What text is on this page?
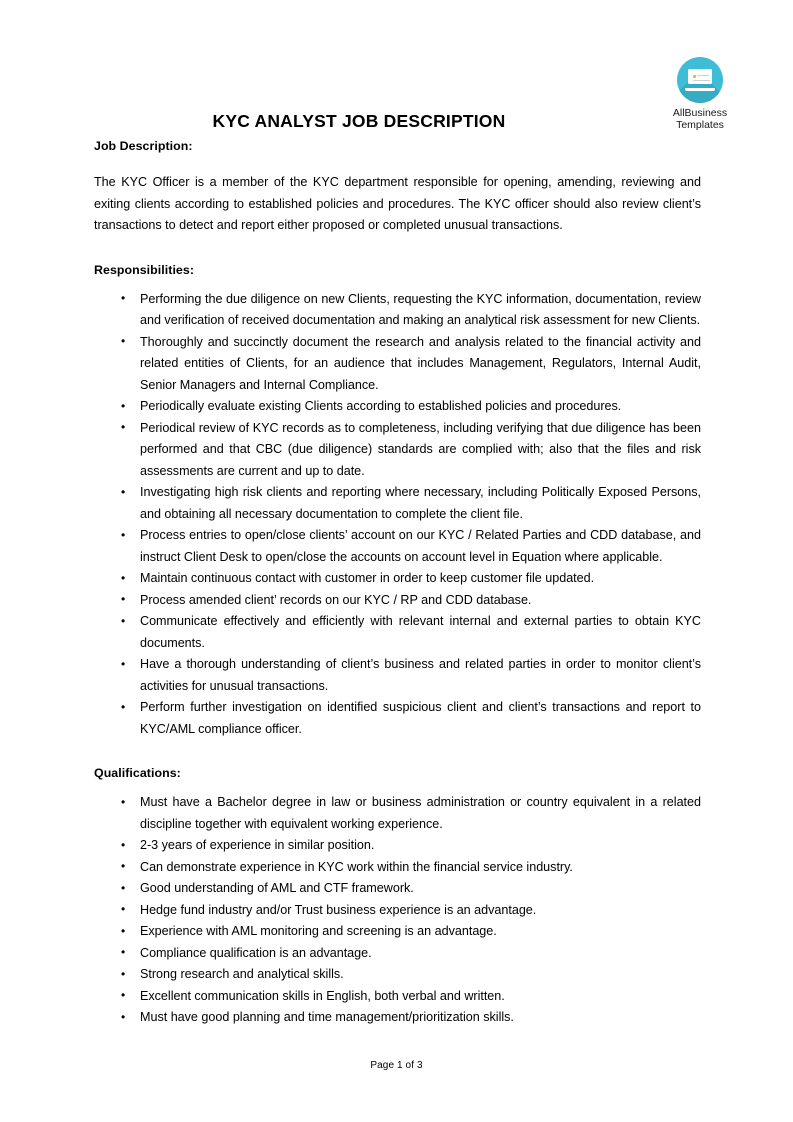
AllBusiness
Templates
KYC ANALYST JOB DESCRIPTION
Job Description:

The KYC Officer is a member of the KYC department responsible for opening, amending, reviewing and exiting clients according to established policies and procedures. The KYC officer should also review client’s transactions to detect and report either proposed or completed unusual transactions.

Responsibilities:
• Performing the due diligence on new Clients, requesting the KYC information, documentation, review and verification of received documentation and making an analytical risk assessment for new Clients.
• Thoroughly and succinctly document the research and analysis related to the financial activity and related entities of Clients, for an audience that includes Management, Regulators, Internal Audit, Senior Managers and Internal Compliance.
• Periodically evaluate existing Clients according to established policies and procedures.
• Periodical review of KYC records as to completeness, including verifying that due diligence has been performed and that CBC (due diligence) standards are complied with; also that the files and risk assessments are current and up to date.
• Investigating high risk clients and reporting where necessary, including Politically Exposed Persons, and obtaining all necessary documentation to complete the client file.
• Process entries to open/close clients’ account on our KYC / Related Parties and CDD database, and instruct Client Desk to open/close the accounts on account level in Equation where applicable.
• Maintain continuous contact with customer in order to keep customer file updated.
• Process amended client’ records on our KYC / RP and CDD database.
• Communicate effectively and efficiently with relevant internal and external parties to obtain KYC documents.
• Have a thorough understanding of client’s business and related parties in order to monitor client’s activities for unusual transactions.
• Perform further investigation on identified suspicious client and client’s transactions and report to KYC/AML compliance officer.
Qualifications:
• Must have a Bachelor degree in law or business administration or country equivalent in a related discipline together with equivalent working experience.
• 2-3 years of experience in similar position.
• Can demonstrate experience in KYC work within the financial service industry.
• Good understanding of AML and CTF framework.
• Hedge fund industry and/or Trust business experience is an advantage.
• Experience with AML monitoring and screening is an advantage.
• Compliance qualification is an advantage.
• Strong research and analytical skills.
• Excellent communication skills in English, both verbal and written.
• Must have good planning and time management/prioritization skills.
Page 1 of 3
